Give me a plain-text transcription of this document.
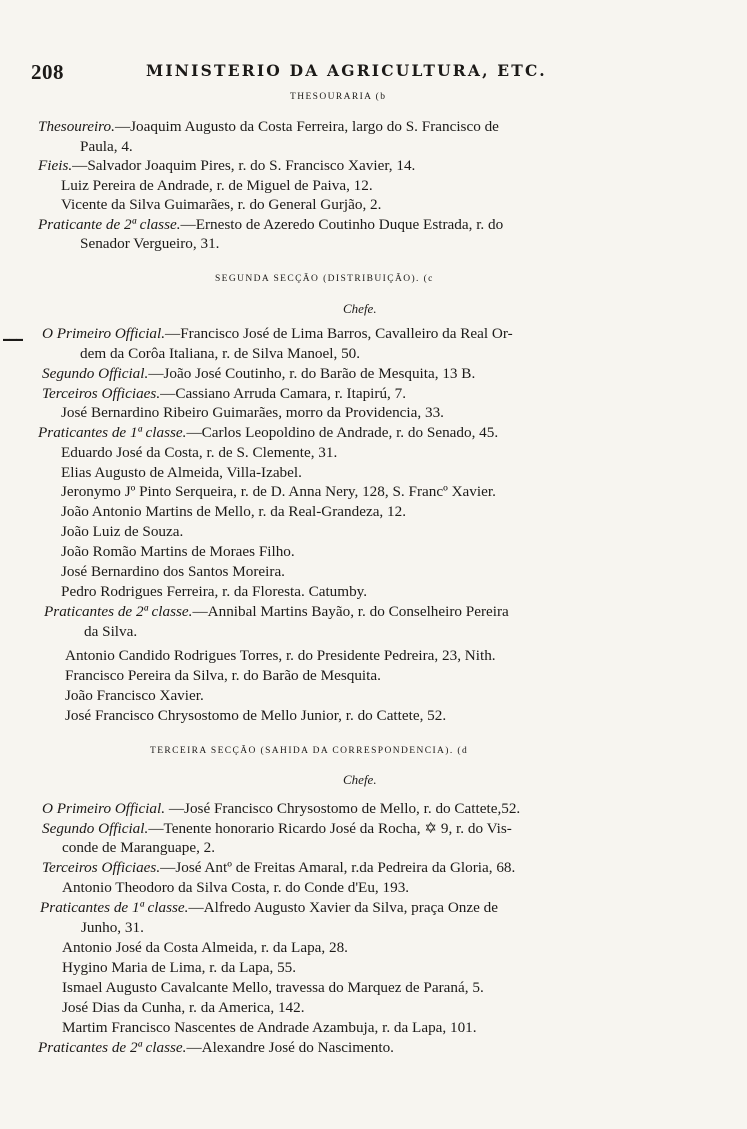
208	MINISTERIO DA AGRICULTURA, ETC.
▬▬▬
THESOURARIA (b
Thesoureiro.—Joaquim Augusto da Costa Ferreira, largo do S. Francisco de
Paula, 4.
Fieis.—Salvador Joaquim Pires, r. do S. Francisco Xavier, 14.
Luiz Pereira de Andrade, r. de Miguel de Paiva, 12.
Vicente da Silva Guimarães, r. do General Gurjão, 2.
Praticante de 2ª classe.—Ernesto de Azeredo Coutinho Duque Estrada, r. do
Senador Vergueiro, 31.
SEGUNDA SECÇÃO (DISTRIBUIÇÃO). (c
Chefe.
O Primeiro Official.—Francisco José de Lima Barros, Cavalleiro da Real Or-
dem da Corôa Italiana, r. de Silva Manoel, 50.
Segundo Official.—João José Coutinho, r. do Barão de Mesquita, 13 B.
Terceiros Officiaes.—Cassiano Arruda Camara, r. Itapirú, 7.
José Bernardino Ribeiro Guimarães, morro da Providencia, 33.
Praticantes de 1ª classe.—Carlos Leopoldino de Andrade, r. do Senado, 45.
Eduardo José da Costa, r. de S. Clemente, 31.
Elias Augusto de Almeida, Villa-Izabel.
Jeronymo Jº Pinto Serqueira, r. de D. Anna Nery, 128, S. Francº Xavier.
João Antonio Martins de Mello, r. da Real-Grandeza, 12.
João Luiz de Souza.
João Romão Martins de Moraes Filho.
José Bernardino dos Santos Moreira.
Pedro Rodrigues Ferreira, r. da Floresta. Catumby.
Praticantes de 2ª classe.—Annibal Martins Bayão, r. do Conselheiro Pereira
da Silva.
Antonio Candido Rodrigues Torres, r. do Presidente Pedreira, 23, Nith.
Francisco Pereira da Silva, r. do Barão de Mesquita.
João Francisco Xavier.
José Francisco Chrysostomo de Mello Junior, r. do Cattete, 52.
TERCEIRA SECÇÃO (SAHIDA DA CORRESPONDENCIA). (d
Chefe.
O Primeiro Official. —José Francisco Chrysostomo de Mello, r. do Cattete,52.
Segundo Official.—Tenente honorario Ricardo José da Rocha, ✡ 9, r. do Vis-
conde de Maranguape, 2.
Terceiros Officiaes.—José Antº de Freitas Amaral, r.da Pedreira da Gloria, 68.
Antonio Theodoro da Silva Costa, r. do Conde d'Eu, 193.
Praticantes de 1ª classe.—Alfredo Augusto Xavier da Silva, praça Onze de
Junho, 31.
Antonio José da Costa Almeida, r. da Lapa, 28.
Hygino Maria de Lima, r. da Lapa, 55.
Ismael Augusto Cavalcante Mello, travessa do Marquez de Paraná, 5.
José Dias da Cunha, r. da America, 142.
Martim Francisco Nascentes de Andrade Azambuja, r. da Lapa, 101.
Praticantes de 2ª classe.—Alexandre José do Nascimento.
